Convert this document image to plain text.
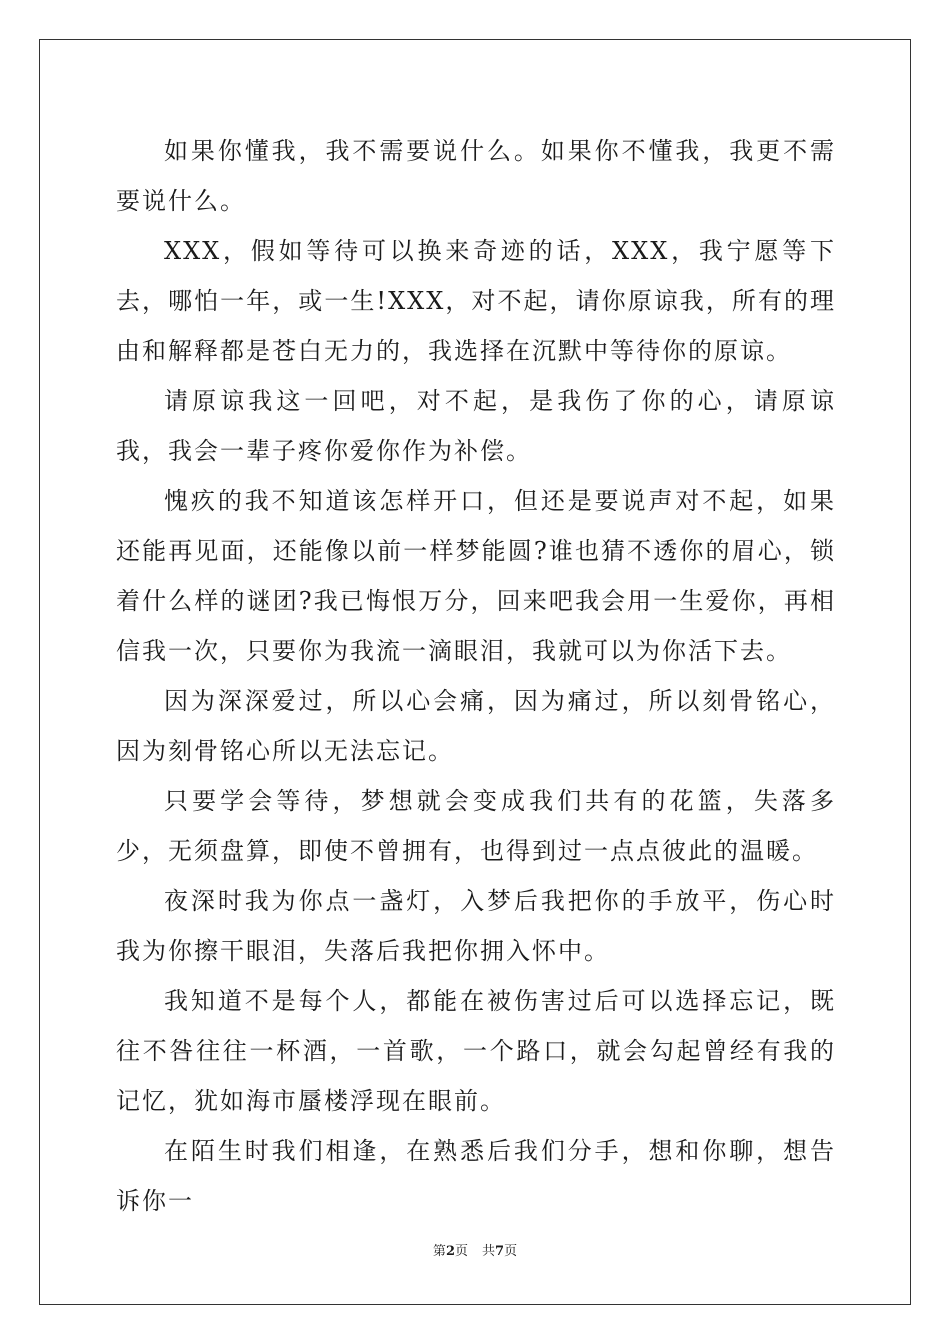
如果你懂我，我不需要说什么。如果你不懂我，我更不需要说什么。

XXX，假如等待可以换来奇迹的话，XXX，我宁愿等下去，哪怕一年，或一生!XXX，对不起，请你原谅我，所有的理由和解释都是苍白无力的，我选择在沉默中等待你的原谅。

请原谅我这一回吧，对不起，是我伤了你的心，请原谅我，我会一辈子疼你爱你作为补偿。

愧疚的我不知道该怎样开口，但还是要说声对不起，如果还能再见面，还能像以前一样梦能圆?谁也猜不透你的眉心，锁着什么样的谜团?我已悔恨万分，回来吧我会用一生爱你，再相信我一次，只要你为我流一滴眼泪，我就可以为你活下去。

因为深深爱过，所以心会痛，因为痛过，所以刻骨铭心，因为刻骨铭心所以无法忘记。

只要学会等待，梦想就会变成我们共有的花篮，失落多少，无须盘算，即使不曾拥有，也得到过一点点彼此的温暖。

夜深时我为你点一盏灯，入梦后我把你的手放平，伤心时我为你擦干眼泪，失落后我把你拥入怀中。

我知道不是每个人，都能在被伤害过后可以选择忘记，既往不咎往往一杯酒，一首歌，一个路口，就会勾起曾经有我的记忆，犹如海市蜃楼浮现在眼前。

在陌生时我们相逢，在熟悉后我们分手，想和你聊，想告诉你一

第2页 共7页
